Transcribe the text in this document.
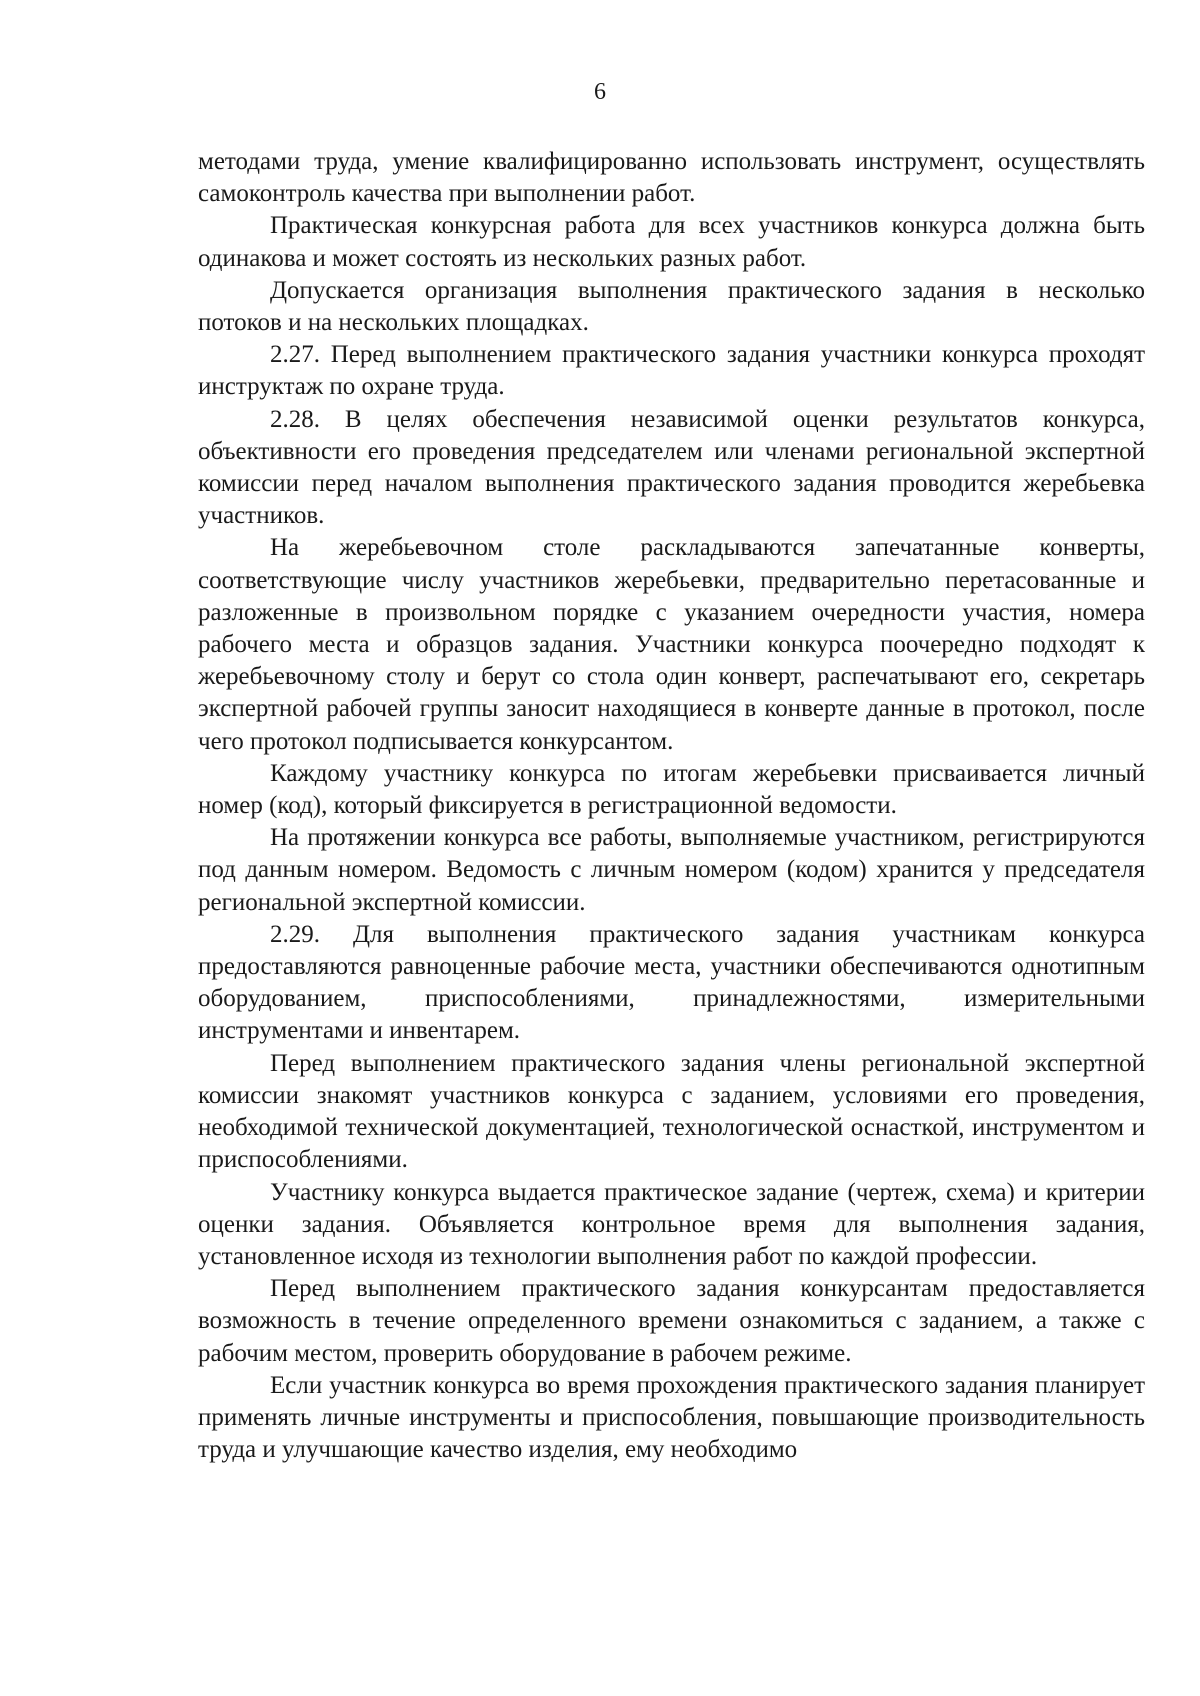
6

методами труда, умение квалифицированно использовать инструмент, осуществлять самоконтроль качества при выполнении работ.

Практическая конкурсная работа для всех участников конкурса должна быть одинакова и может состоять из нескольких разных работ.

Допускается организация выполнения практического задания в несколько потоков и на нескольких площадках.

2.27. Перед выполнением практического задания участники конкурса проходят инструктаж по охране труда.

2.28. В целях обеспечения независимой оценки результатов конкурса, объективности его проведения председателем или членами региональной экспертной комиссии перед началом выполнения практического задания проводится жеребьевка участников.

На жеребьевочном столе раскладываются запечатанные конверты, соответствующие числу участников жеребьевки, предварительно перетасованные и разложенные в произвольном порядке с указанием очередности участия, номера рабочего места и образцов задания. Участники конкурса поочередно подходят к жеребьевочному столу и берут со стола один конверт, распечатывают его, секретарь экспертной рабочей группы заносит находящиеся в конверте данные в протокол, после чего протокол подписывается конкурсантом.

Каждому участнику конкурса по итогам жеребьевки присваивается личный номер (код), который фиксируется в регистрационной ведомости.

На протяжении конкурса все работы, выполняемые участником, регистрируются под данным номером. Ведомость с личным номером (кодом) хранится у председателя региональной экспертной комиссии.

2.29. Для выполнения практического задания участникам конкурса предоставляются равноценные рабочие места, участники обеспечиваются однотипным оборудованием, приспособлениями, принадлежностями, измерительными инструментами и инвентарем.

Перед выполнением практического задания члены региональной экспертной комиссии знакомят участников конкурса с заданием, условиями его проведения, необходимой технической документацией, технологической оснасткой, инструментом и приспособлениями.

Участнику конкурса выдается практическое задание (чертеж, схема) и критерии оценки задания. Объявляется контрольное время для выполнения задания, установленное исходя из технологии выполнения работ по каждой профессии.

Перед выполнением практического задания конкурсантам предоставляется возможность в течение определенного времени ознакомиться с заданием, а также с рабочим местом, проверить оборудование в рабочем режиме.

Если участник конкурса во время прохождения практического задания планирует применять личные инструменты и приспособления, повышающие производительность труда и улучшающие качество изделия, ему необходимо
